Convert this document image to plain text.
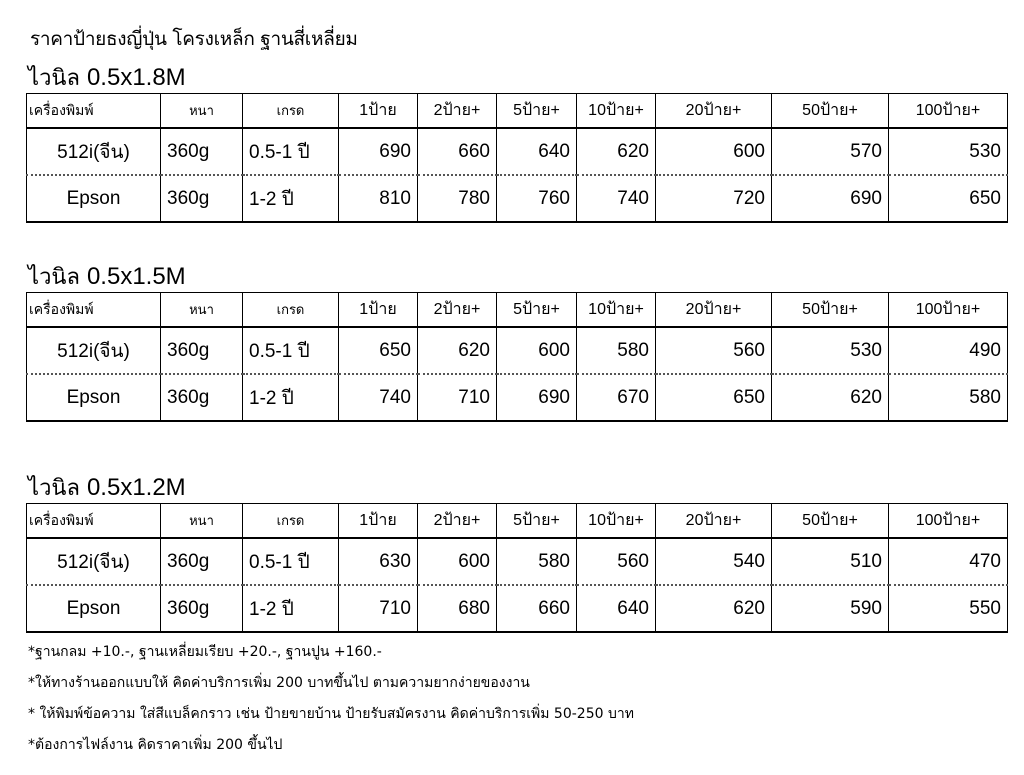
ราคาป้ายธงญี่ปุ่น โครงเหล็ก ฐานสี่เหลี่ยม
ไวนิล 0.5x1.8M
เครื่องพิมพ์	หนา	เกรด	1ป้าย	2ป้าย+	5ป้าย+	10ป้าย+	20ป้าย+	50ป้าย+	100ป้าย+
512i(จีน)	360g	0.5-1 ปี	690	660	640	620	600	570	530
Epson	360g	1-2 ปี	810	780	760	740	720	690	650
ไวนิล 0.5x1.5M
เครื่องพิมพ์	หนา	เกรด	1ป้าย	2ป้าย+	5ป้าย+	10ป้าย+	20ป้าย+	50ป้าย+	100ป้าย+
512i(จีน)	360g	0.5-1 ปี	650	620	600	580	560	530	490
Epson	360g	1-2 ปี	740	710	690	670	650	620	580
ไวนิล 0.5x1.2M
เครื่องพิมพ์	หนา	เกรด	1ป้าย	2ป้าย+	5ป้าย+	10ป้าย+	20ป้าย+	50ป้าย+	100ป้าย+
512i(จีน)	360g	0.5-1 ปี	630	600	580	560	540	510	470
Epson	360g	1-2 ปี	710	680	660	640	620	590	550
*ฐานกลม +10.-, ฐานเหลี่ยมเรียบ +20.-, ฐานปูน +160.-
*ให้ทางร้านออกแบบให้ คิดค่าบริการเพิ่ม 200 บาทขึ้นไป ตามความยากง่ายของงาน
* ให้พิมพ์ข้อความ ใส่สีแบล็คกราว เช่น ป้ายขายบ้าน ป้ายรับสมัครงาน คิดค่าบริการเพิ่ม 50-250 บาท
*ต้องการไฟล์งาน คิดราคาเพิ่ม 200 ขึ้นไป
